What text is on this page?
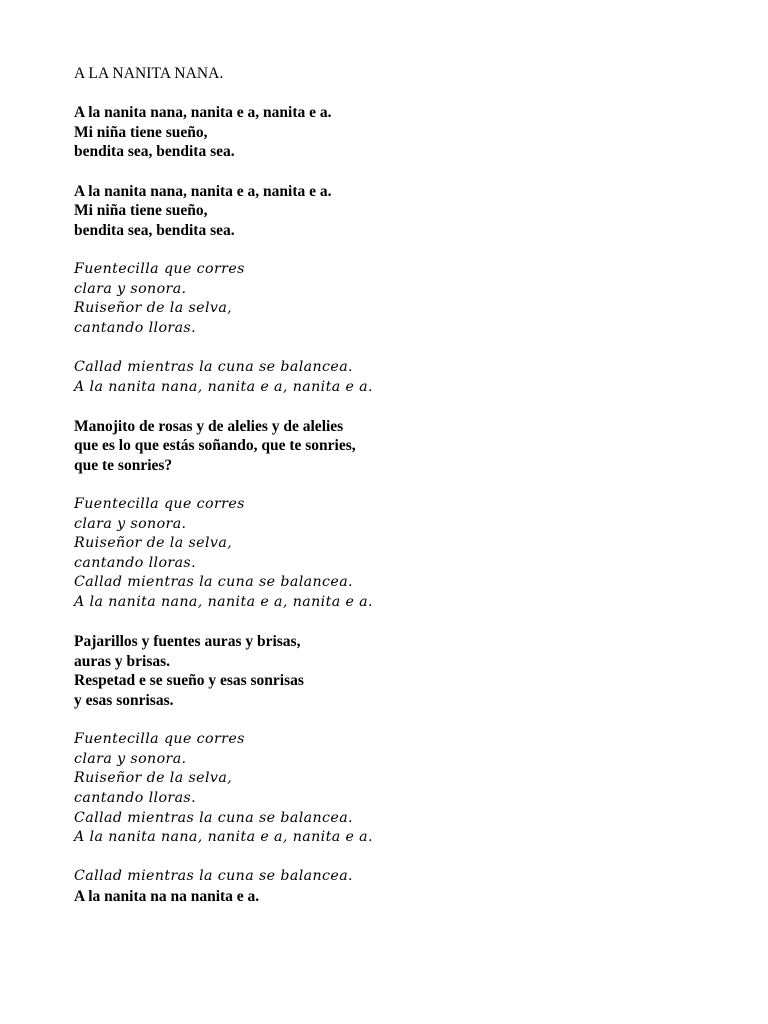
A LA NANITA NANA.
A la nanita nana, nanita e a, nanita e a.
Mi niña tiene sueño,
bendita sea, bendita sea.
A la nanita nana, nanita e a, nanita e a.
Mi niña tiene sueño,
bendita sea, bendita sea.
Fuentecilla que corres
clara y sonora.
Ruiseñor de la selva,
cantando lloras.
Callad mientras la cuna se balancea.
A la nanita nana, nanita e a, nanita e a.
Manojito de rosas y de alelies y de alelies
que es lo que estás soñando, que te sonries,
que te sonries?
Fuentecilla que corres
clara y sonora.
Ruiseñor de la selva,
cantando lloras.
Callad mientras la cuna se balancea.
A la nanita nana, nanita e a, nanita e a.
Pajarillos y fuentes auras y brisas,
auras y brisas.
Respetad e se sueño y esas sonrisas
y esas sonrisas.
Fuentecilla que corres
clara y sonora.
Ruiseñor de la selva,
cantando lloras.
Callad mientras la cuna se balancea.
A la nanita nana, nanita e a, nanita e a.
Callad mientras la cuna se balancea.
A la nanita na na nanita e a.
